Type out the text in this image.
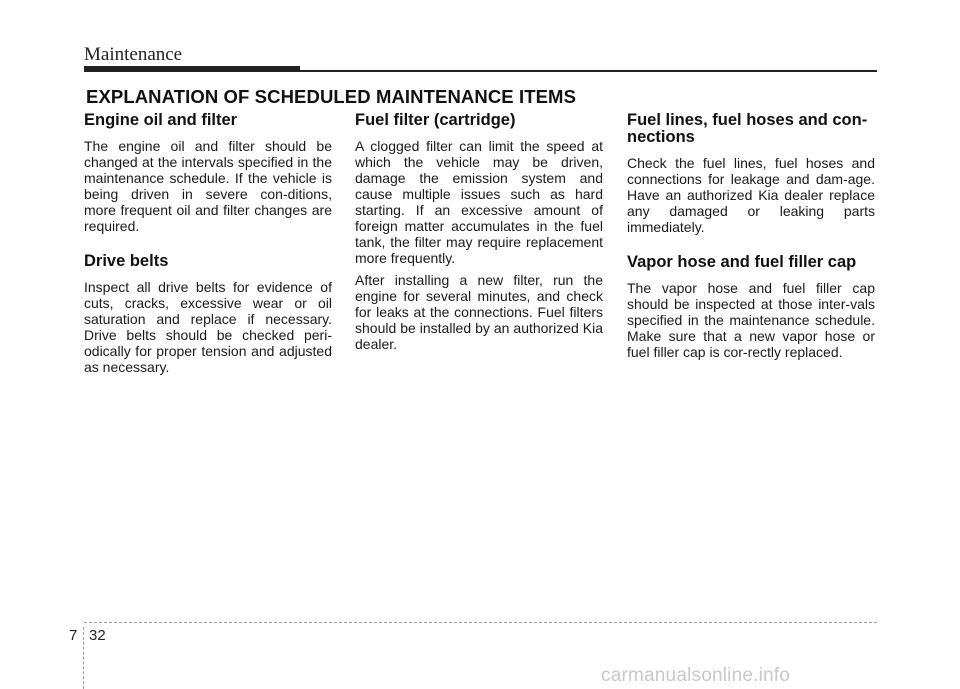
Maintenance
EXPLANATION OF SCHEDULED MAINTENANCE ITEMS
Engine oil and filter

The engine oil and filter should be changed at the intervals specified in the maintenance schedule. If the vehicle is being driven in severe con-ditions, more frequent oil and filter changes are required.

Drive belts

Inspect all drive belts for evidence of cuts, cracks, excessive wear or oil saturation and replace if necessary. Drive belts should be checked peri-odically for proper tension and adjusted as necessary.

Fuel filter (cartridge)

A clogged filter can limit the speed at which the vehicle may be driven, damage the emission system and cause multiple issues such as hard starting. If an excessive amount of foreign matter accumulates in the fuel tank, the filter may require replacement more frequently.

After installing a new filter, run the engine for several minutes, and check for leaks at the connections. Fuel filters should be installed by an authorized Kia dealer.

Fuel lines, fuel hoses and con-nections

Check the fuel lines, fuel hoses and connections for leakage and dam-age. Have an authorized Kia dealer replace any damaged or leaking parts immediately.

Vapor hose and fuel filler cap

The vapor hose and fuel filler cap should be inspected at those inter-vals specified in the maintenance schedule. Make sure that a new vapor hose or fuel filler cap is cor-rectly replaced.

7 32
carmanualsonline.info
